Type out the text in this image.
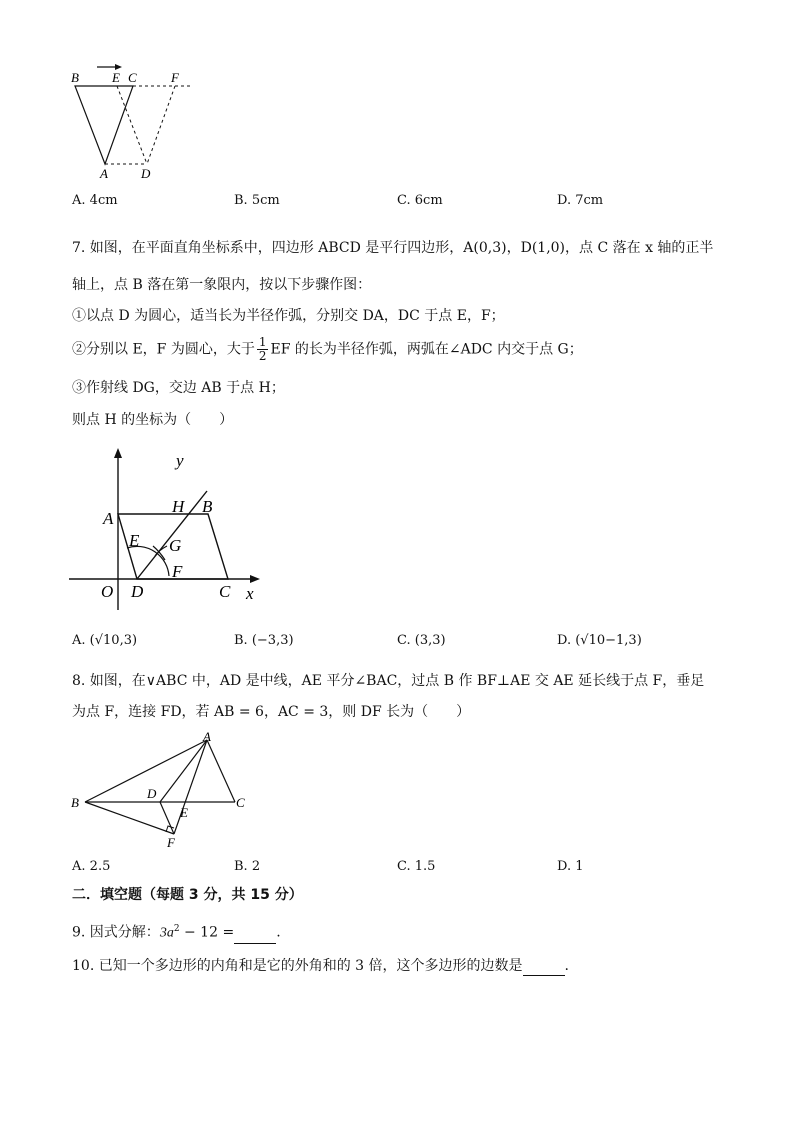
B	E C	F
A	D
A. 4cm	B. 5cm	C. 6cm	D. 7cm
7. 如图，在平面直角坐标系中，四边形 ABCD 是平行四边形，A(0,3)，D(1,0)，点 C 落在 x 轴的正半
轴上，点 B 落在第一象限内，按以下步骤作图：
①以点 D 为圆心，适当长为半径作弧，分别交 DA，DC 于点 E，F；
②分别以 E，F 为圆心，大于 $\frac{1}{2}$ EF 的长为半径作弧，两弧在∠ADC 内交于点 G；
③作射线 DG，交边 AB 于点 H；
则点 H 的坐标为（　　）
y
x
O
A
H B
E G
F
D	C
A. (√10,3)	B. (−3,3)	C. (3,3)	D. (√10−1,3)
8. 如图，在∨ABC 中，AD 是中线，AE 平分∠BAC，过点 B 作 BF⊥AE 交 AE 延长线于点 F，垂足
为点 F，连接 FD，若 AB = 6，AC = 3，则 DF 长为（　　）
A
B
D
C
E
F
A. 2.5	B. 2	C. 1.5	D. 1
二．填空题（每题 3 分，共 15 分）
9. 因式分解：$3a^2 - 12$ =	.
10. 已知一个多边形的内角和是它的外角和的 3 倍，这个多边形的边数是	.
